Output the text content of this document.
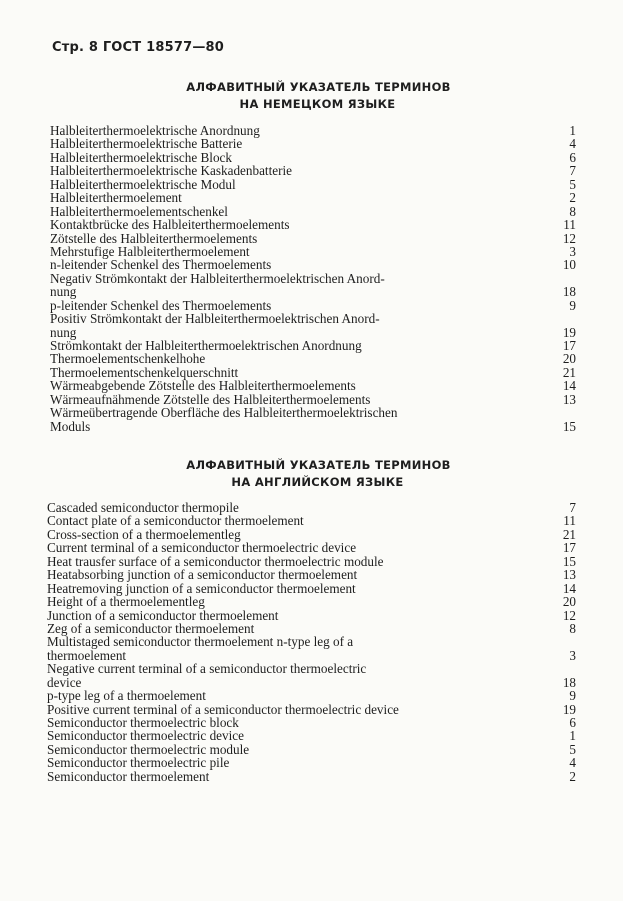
Стр. 8 ГОСТ 18577—80
АЛФАВИТНЫЙ УКАЗАТЕЛЬ ТЕРМИНОВ
НА НЕМЕЦКОМ ЯЗЫКЕ
Halbleiterthermoelektrische Anordnung	1
Halbleiterthermoelektrische Batterie	4
Halbleiterthermoelektrische Block	6
Halbleiterthermoelektrische Kaskadenbatterie	7
Halbleiterthermoelektrische Modul	5
Halbleiterthermoelement	2
Halbleiterthermoelementschenkel	8
Kontaktbrücke des Halbleiterthermoelements	11
Zötstelle des Halbleiterthermoelements	12
Mehrstufige Halbleiterthermoelement	3
n-leitender Schenkel des Thermoelements	10
Negativ Strömkontakt der Halbleiterthermoelektrischen Anord-
nung	18
p-leitender Schenkel des Thermoelements	9
Positiv Strömkontakt der Halbleiterthermoelektrischen Anord-
nung	19
Strömkontakt der Halbleiterthermoelektrischen Anordnung	17
Thermoelementschenkelhohe	20
Thermoelementschenkelquerschnitt	21
Wärmeabgebende Zötstelle des Halbleiterthermoelements	14
Wärmeaufnähmende Zötstelle des Halbleiterthermoelements	13
Wärmeübertragende Oberfläche des Halbleiterthermoelektrischen
Moduls	15
АЛФАВИТНЫЙ УКАЗАТЕЛЬ ТЕРМИНОВ
НА АНГЛИЙСКОМ ЯЗЫКЕ
Cascaded semiconductor thermopile	7
Contact plate of a semiconductor thermoelement	11
Cross-section of a thermoelementleg	21
Current terminal of a semiconductor thermoelectric device	17
Heat trausfer surface of a semiconductor thermoelectric module	15
Heatabsorbing junction of a semiconductor thermoelement	13
Heatremoving junction of a semiconductor thermoelement	14
Height of a thermoelementleg	20
Junction of a semiconductor thermoelement	12
Zeg of a semiconductor thermoelement	8
Multistaged semiconductor thermoelement n-type leg of a
thermoelement	3
Negative current terminal of a semiconductor thermoelectric
device	18
p-type leg of a thermoelement	9
Positive current terminal of a semiconductor thermoelectric device	19
Semiconductor thermoelectric block	6
Semiconductor thermoelectric device	1
Semiconductor thermoelectric module	5
Semiconductor thermoelectric pile	4
Semiconductor thermoelement	2
